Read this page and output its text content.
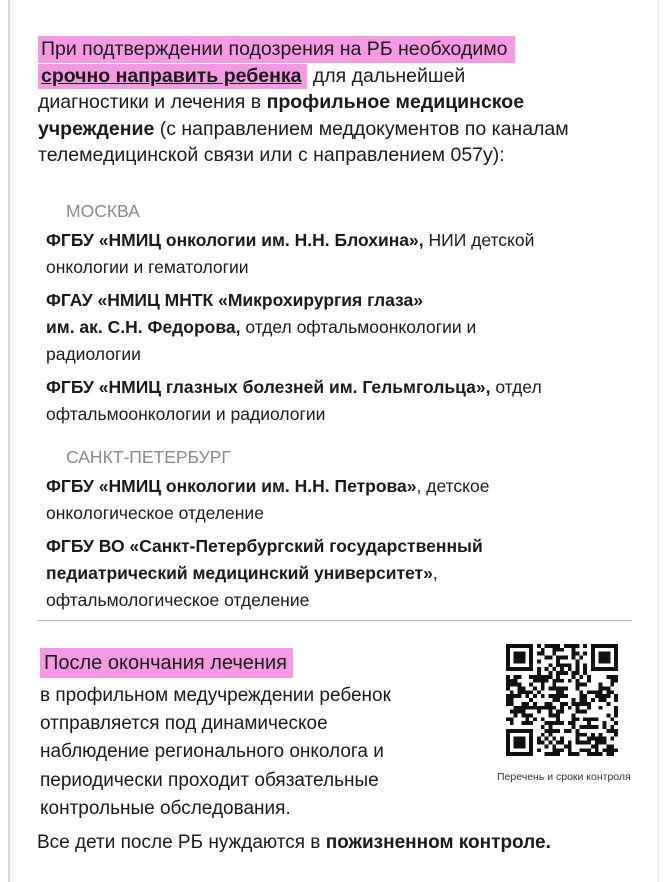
При подтверждении подозрения на РБ необходимо
срочно направить ребенка для дальнейшей
диагностики и лечения в профильное медицинское
учреждение (с направлением меддокументов по каналам
телемедицинской связи или с направлением 057у):
МОСКВА
ФГБУ «НМИЦ онкологии им. Н.Н. Блохина», НИИ детской
онкологии и гематологии
ФГАУ «НМИЦ МНТК «Микрохирургия глаза»
им. ак. С.Н. Федорова, отдел офтальмоонкологии и
радиологии
ФГБУ «НМИЦ глазных болезней им. Гельмгольца», отдел
офтальмоонкологии и радиологии
САНКТ-ПЕТЕРБУРГ
ФГБУ «НМИЦ онкологии им. Н.Н. Петрова», детское
онкологическое отделение
ФГБУ ВО «Санкт-Петербургский государственный
педиатрический медицинский университет»,
офтальмологическое отделение
После окончания лечения
в профильном медучреждении ребенок
отправляется под динамическое
наблюдение регионального онколога и
периодически проходит обязательные
контрольные обследования.
Все дети после РБ нуждаются в пожизненном контроле.
Перечень и сроки контроля
